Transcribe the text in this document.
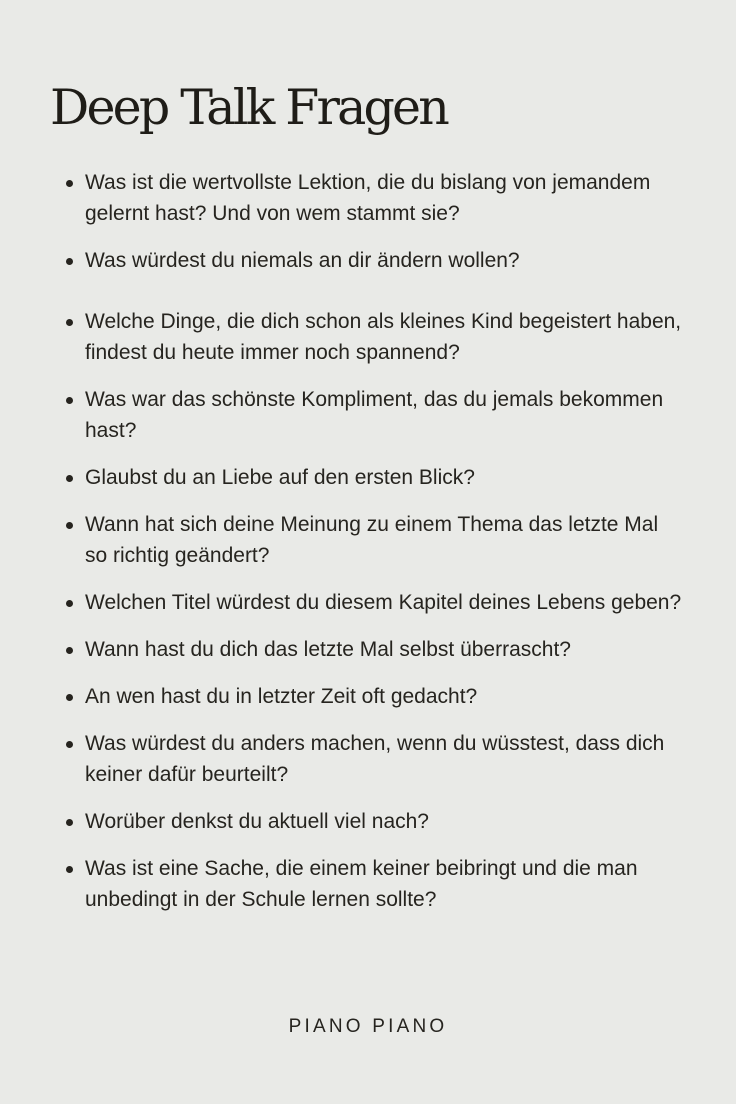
Deep Talk Fragen
Was ist die wertvollste Lektion, die du bislang von jemandem gelernt hast? Und von wem stammt sie?
Was würdest du niemals an dir ändern wollen?
Welche Dinge, die dich schon als kleines Kind begeistert haben, findest du heute immer noch spannend?
Was war das schönste Kompliment, das du jemals bekommen hast?
Glaubst du an Liebe auf den ersten Blick?
Wann hat sich deine Meinung zu einem Thema das letzte Mal so richtig geändert?
Welchen Titel würdest du diesem Kapitel deines Lebens geben?
Wann hast du dich das letzte Mal selbst überrascht?
An wen hast du in letzter Zeit oft gedacht?
Was würdest du anders machen, wenn du wüsstest, dass dich keiner dafür beurteilt?
Worüber denkst du aktuell viel nach?
Was ist eine Sache, die einem keiner beibringt und die man unbedingt in der Schule lernen sollte?
PIANO PIANO
